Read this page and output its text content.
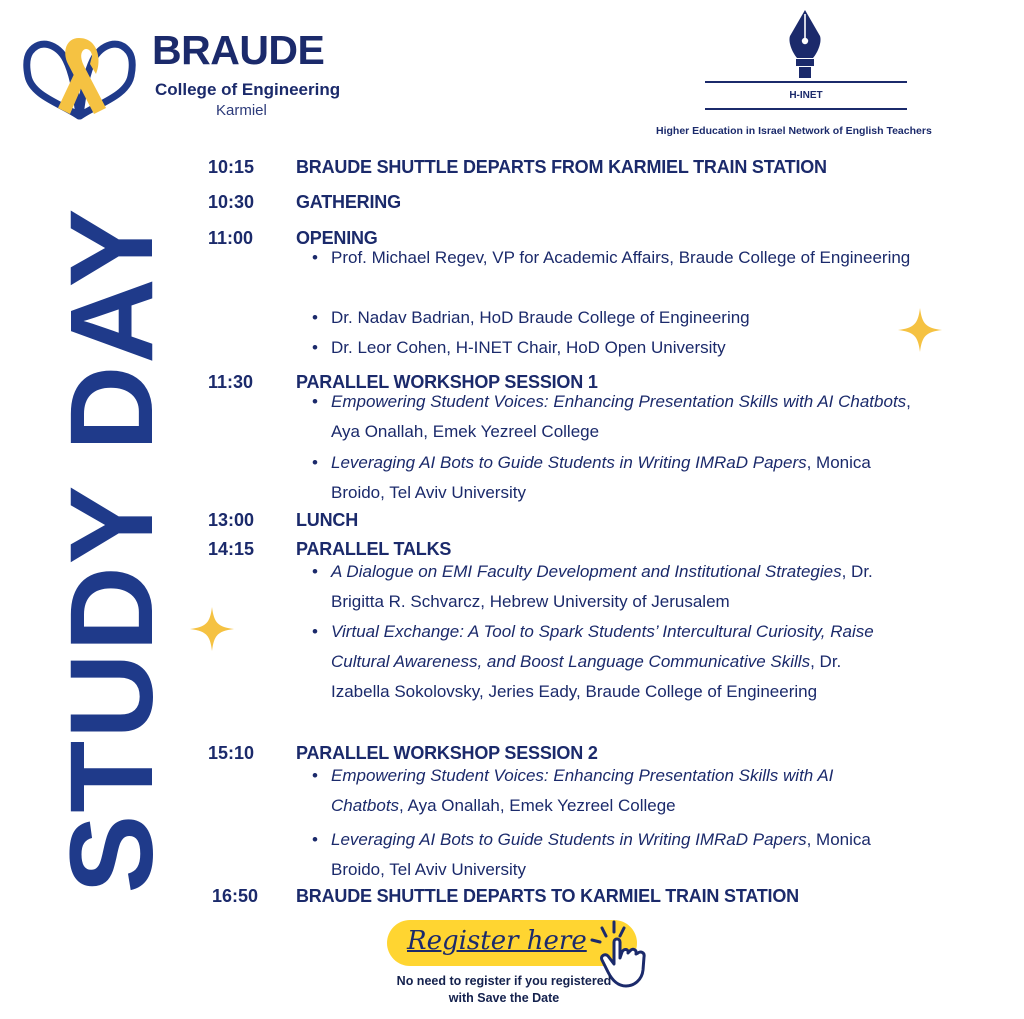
BRAUDE
College of Engineering
Karmiel
H-INET
Higher Education in Israel Network of English Teachers
STUDY DAY
10:15 BRAUDE SHUTTLE DEPARTS FROM KARMIEL TRAIN STATION
10:30 GATHERING
11:00 OPENING
• Prof. Michael Regev, VP for Academic Affairs, Braude College of Engineering
• Dr. Nadav Badrian, HoD Braude College of Engineering
• Dr. Leor Cohen, H-INET Chair, HoD Open University
11:30 PARALLEL WORKSHOP SESSION 1
• Empowering Student Voices: Enhancing Presentation Skills with AI Chatbots, Aya Onallah, Emek Yezreel College
• Leveraging AI Bots to Guide Students in Writing IMRaD Papers, Monica Broido, Tel Aviv University
13:00 LUNCH
14:15 PARALLEL TALKS
• A Dialogue on EMI Faculty Development and Institutional Strategies, Dr. Brigitta R. Schvarcz, Hebrew University of Jerusalem
• Virtual Exchange: A Tool to Spark Students’ Intercultural Curiosity, Raise Cultural Awareness, and Boost Language Communicative Skills, Dr. Izabella Sokolovsky, Jeries Eady, Braude College of Engineering
15:10 PARALLEL WORKSHOP SESSION 2
• Empowering Student Voices: Enhancing Presentation Skills with AI Chatbots, Aya Onallah, Emek Yezreel College
• Leveraging AI Bots to Guide Students in Writing IMRaD Papers, Monica Broido, Tel Aviv University
16:50 BRAUDE SHUTTLE DEPARTS TO KARMIEL TRAIN STATION
Register here
No need to register if you registered with Save the Date
